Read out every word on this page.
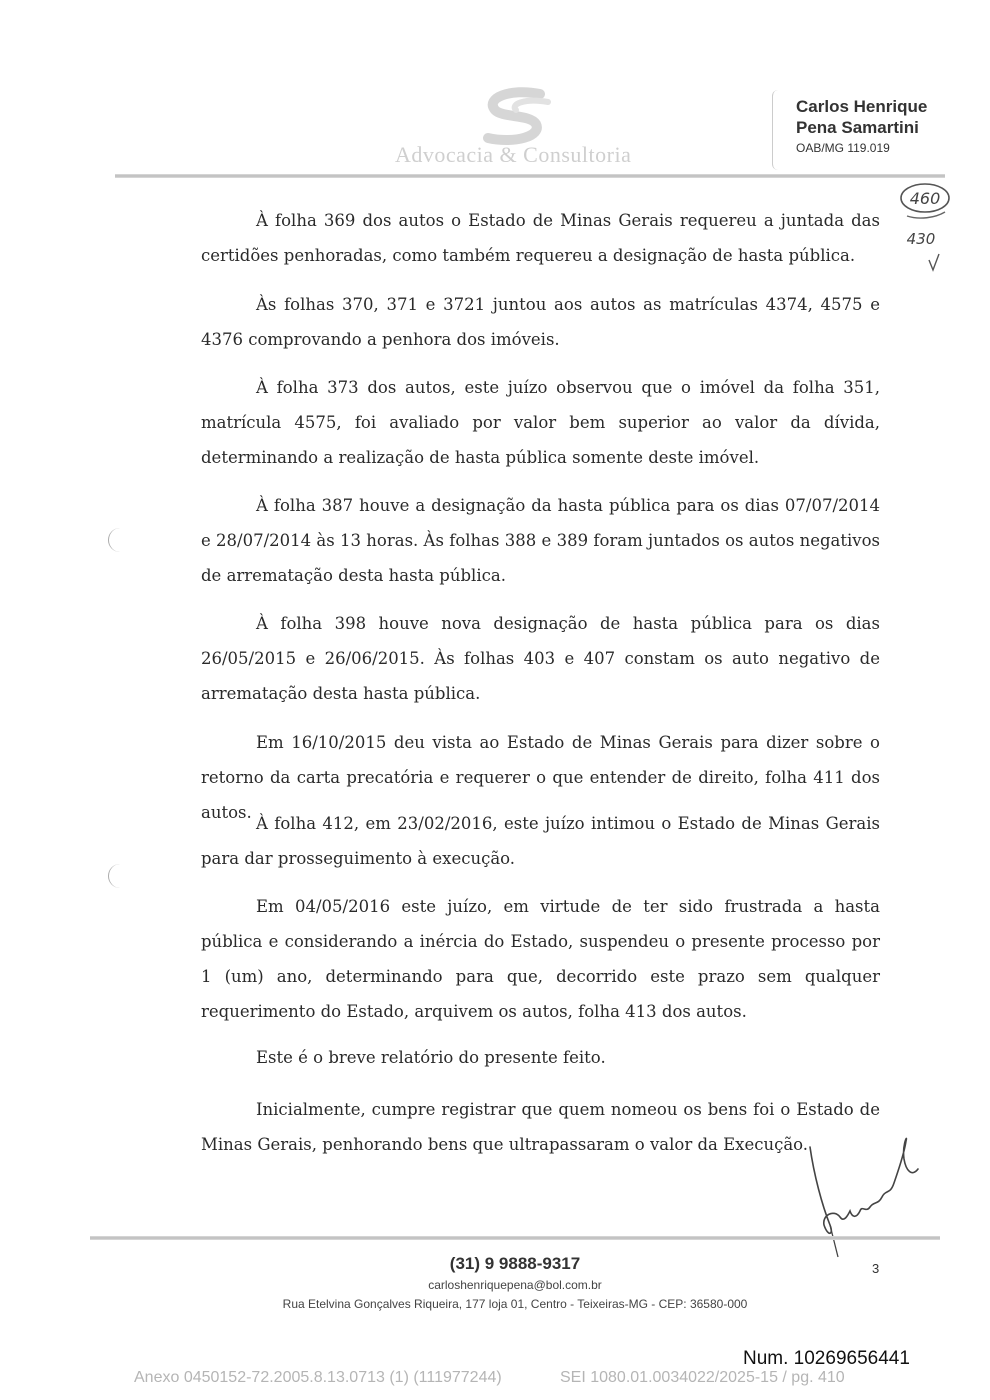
Advocacia & Consultoria
Carlos Henrique
Pena Samartini
OAB/MG 119.019
460
430

À folha 369 dos autos o Estado de Minas Gerais requereu a juntada das certidões penhoradas, como também requereu a designação de hasta pública.

Às folhas 370, 371 e 3721 juntou aos autos as matrículas 4374, 4575 e 4376 comprovando a penhora dos imóveis.

À folha 373 dos autos, este juízo observou que o imóvel da folha 351, matrícula 4575, foi avaliado por valor bem superior ao valor da dívida, determinando a realização de hasta pública somente deste imóvel.

À folha 387 houve a designação da hasta pública para os dias 07/07/2014 e 28/07/2014 às 13 horas. Às folhas 388 e 389 foram juntados os autos negativos de arrematação desta hasta pública.

À folha 398 houve nova designação de hasta pública para os dias 26/05/2015 e 26/06/2015. Às folhas 403 e 407 constam os auto negativo de arrematação desta hasta pública.

Em 16/10/2015 deu vista ao Estado de Minas Gerais para dizer sobre o retorno da carta precatória e requerer o que entender de direito, folha 411 dos autos.

À folha 412, em 23/02/2016, este juízo intimou o Estado de Minas Gerais para dar prosseguimento à execução.

Em 04/05/2016 este juízo, em virtude de ter sido frustrada a hasta pública e considerando a inércia do Estado, suspendeu o presente processo por 1 (um) ano, determinando para que, decorrido este prazo sem qualquer requerimento do Estado, arquivem os autos, folha 413 dos autos.

Este é o breve relatório do presente feito.

Inicialmente, cumpre registrar que quem nomeou os bens foi o Estado de Minas Gerais, penhorando bens que ultrapassaram o valor da Execução.

(31) 9 9888-9317
carloshenriquepena@bol.com.br
Rua Etelvina Gonçalves Riqueira, 177 loja 01, Centro - Teixeiras-MG - CEP: 36580-000
3
Num. 10269656441
Anexo 0450152-72.2005.8.13.0713 (1) (111977244)	SEI 1080.01.0034022/2025-15 / pg. 410
